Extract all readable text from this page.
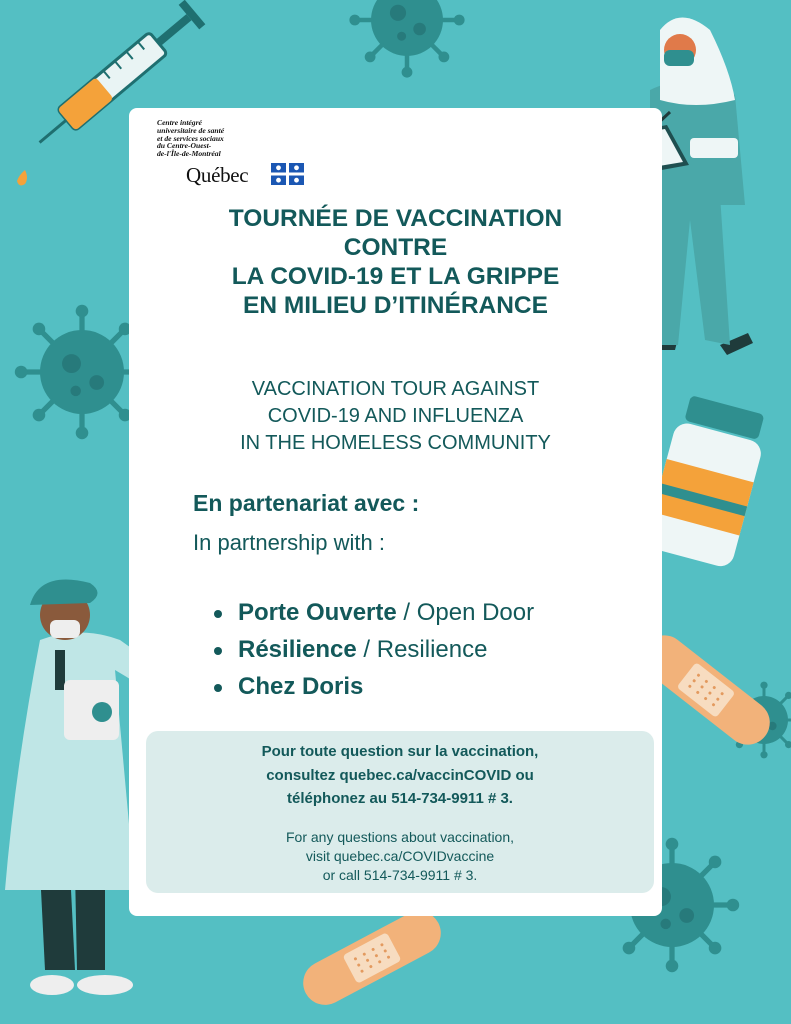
Centre intégré
universitaire de santé
et de services sociaux
du Centre-Ouest-
de-l'Île-de-Montréal
Québec
TOURNÉE DE VACCINATION
CONTRE
LA COVID-19 ET LA GRIPPE
EN MILIEU D’ITINÉRANCE
VACCINATION TOUR AGAINST
COVID-19 AND INFLUENZA
IN THE HOMELESS COMMUNITY
En partenariat avec :
In partnership with :
Porte Ouverte / Open Door
Résilience / Resilience
Chez Doris
Pour toute question sur la vaccination,
consultez quebec.ca/vaccinCOVID ou
téléphonez au 514-734-9911 # 3.
For any questions about vaccination,
visit quebec.ca/COVIDvaccine
or call 514-734-9911 # 3.
